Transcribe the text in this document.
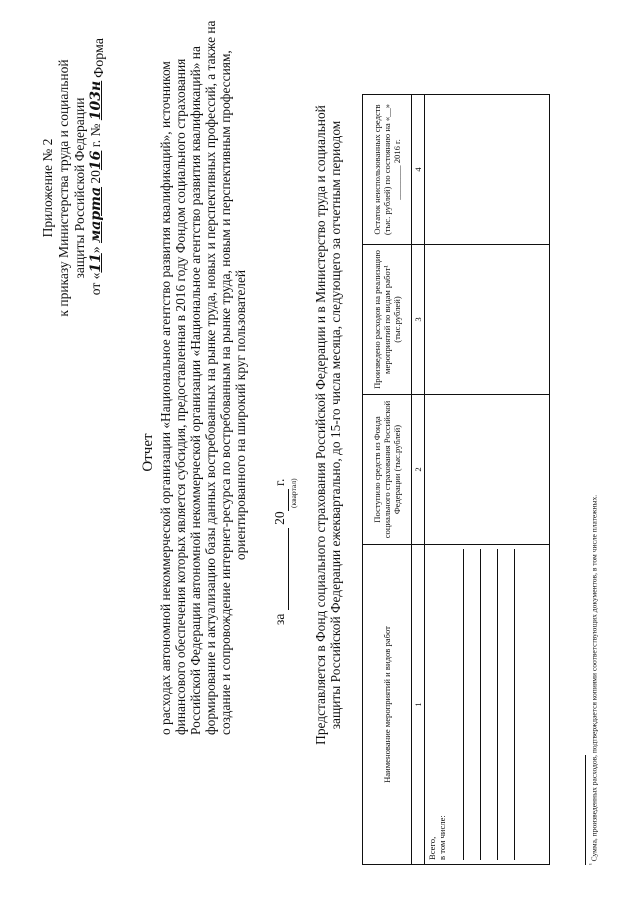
Приложение № 2 к приказу Министерства труда и социальной защиты Российской Федерации
от «11» марта 2016 г. № 103н
Форма
Отчет о расходах автономной некоммерческой организации «Национальное агентство развития квалификаций», источником финансового обеспечения которых является субсидия, предоставленная в 2016 году Фондом социального страхования Российской Федерации автономной некоммерческой организации «Национальное агентство развития квалификаций» на формирование и актуализацию базы данных востребованных на рынке труда, новых и перспективных профессий, а также на создание и сопровождение интернет-ресурса по востребованным на рынке труда, новым и перспективным профессиям, ориентированного на широкий круг пользователей
за   20  г. (квартал) Представляется в Фонд социального страхования Российской Федерации и в Министерство труда и социальной защиты Российской Федерации ежеквартально, до 15-го числа месяца, следующего за отчетным периодом	Наименование мероприятий и видов работ	Поступило средств из Фонда социального страхования Российской Федерации (тыс.рублей)	Произведено расходов на реализацию мероприятий по видам работ¹ (тыс.рублей)	Остаток неиспользованных средств (тыс. рублей) по состоянию на «__» ________ 2016 г.
1	2	3	4

Всего, в том числе:			

$^{^1}$ Сумма, произведенных расходов, подтверждается копиями соответствующих документов, в том числе платежных.
